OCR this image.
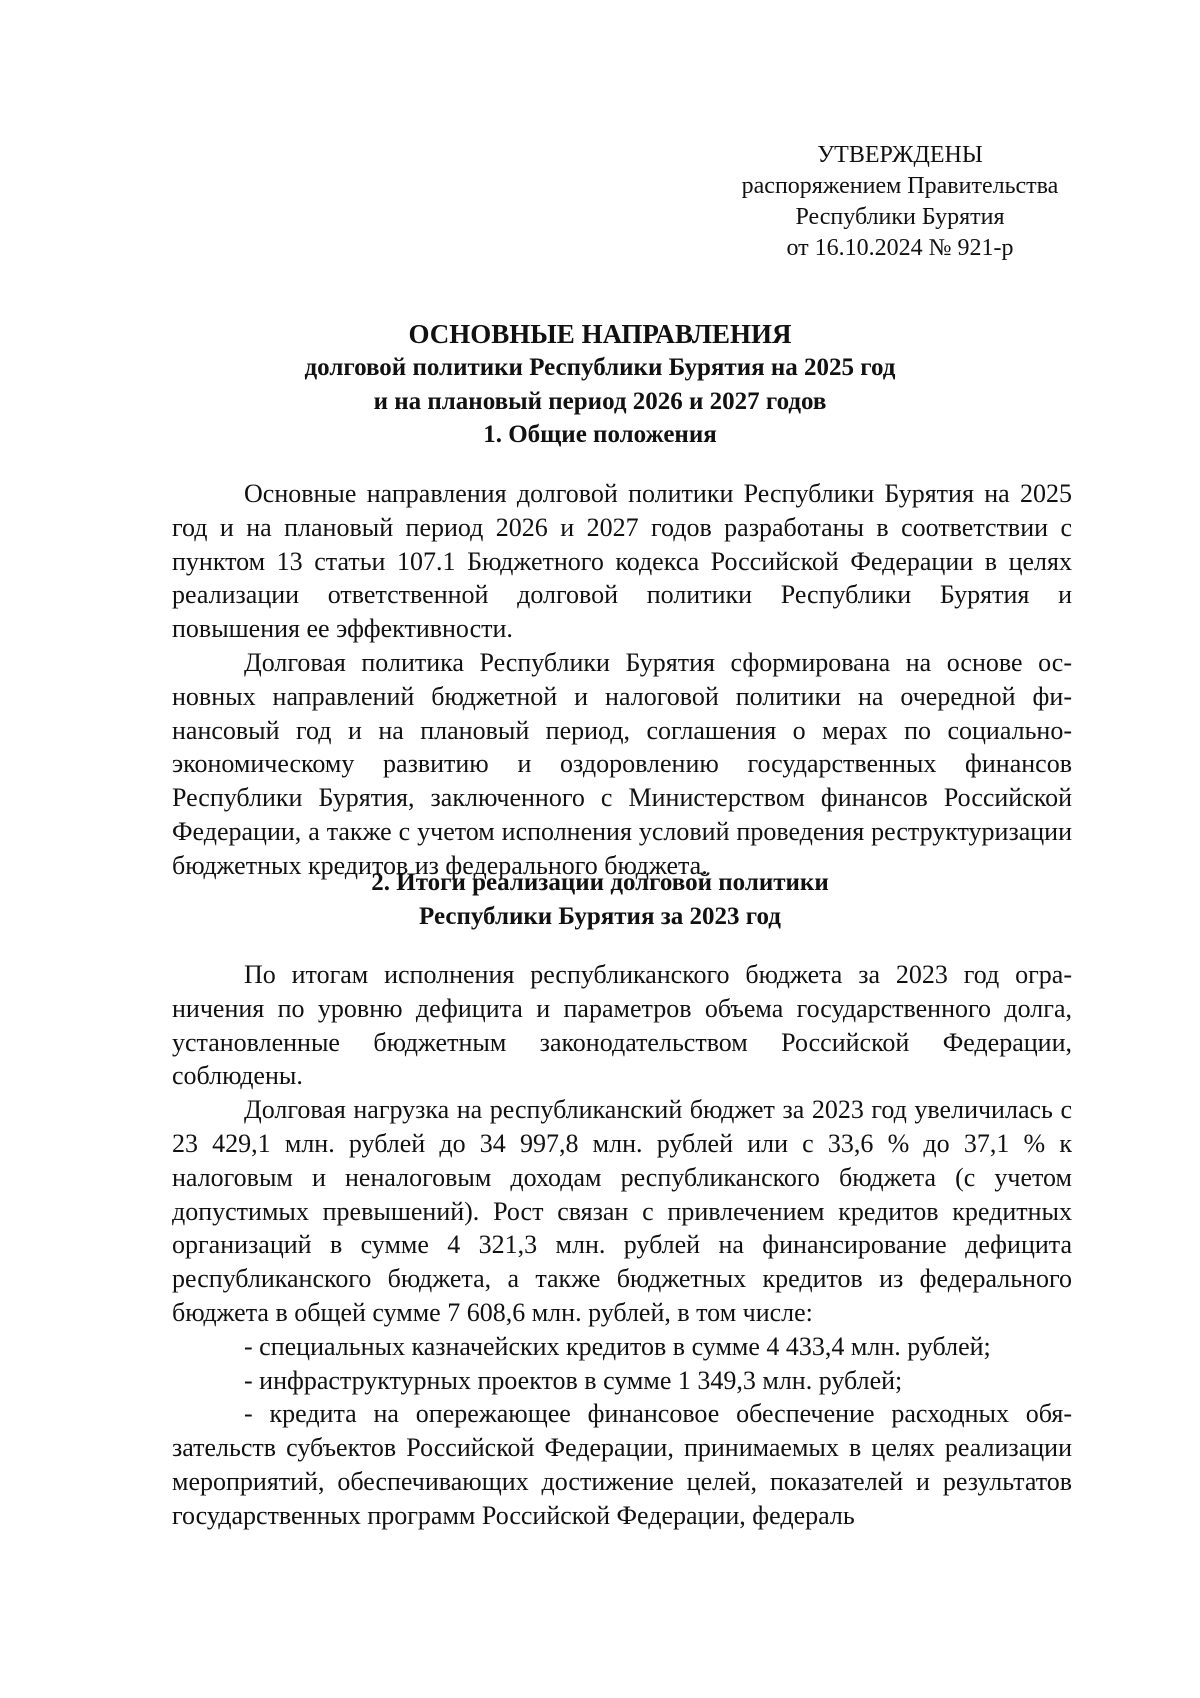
УТВЕРЖДЕНЫ
распоряжением Правительства
Республики Бурятия
от 16.10.2024 № 921-р
ОСНОВНЫЕ НАПРАВЛЕНИЯ
долговой политики Республики Бурятия на 2025 год
и на плановый период 2026 и 2027 годов
1. Общие положения

Основные направления долговой политики Республики Бурятия на 2025 год и на плановый период 2026 и 2027 годов разработаны в соответствии с пунктом 13 статьи 107.1 Бюджетного кодекса Российской Федерации в целях реализации ответственной долговой политики Республики Бурятия и повышения ее эффективности.

Долговая политика Республики Бурятия сформирована на основе основных направлений бюджетной и налоговой политики на очередной финансовый год и на плановый период, соглашения о мерах по социально-экономическому развитию и оздоровлению государственных финансов Республики Бурятия, заключенного с Министерством финансов Российской Федерации, а также с учетом исполнения условий проведения реструктуризации бюджетных кредитов из федерального бюджета.

2. Итоги реализации долговой политики
Республики Бурятия за 2023 год

По итогам исполнения республиканского бюджета за 2023 год ограничения по уровню дефицита и параметров объема государственного долга, установленные бюджетным законодательством Российской Федерации, соблюдены.

Долговая нагрузка на республиканский бюджет за 2023 год увеличилась с 23 429,1 млн. рублей до 34 997,8 млн. рублей или с 33,6 % до 37,1 % к налоговым и неналоговым доходам республиканского бюджета (с учетом допустимых превышений). Рост связан с привлечением кредитов кредитных организаций в сумме 4 321,3 млн. рублей на финансирование дефицита республиканского бюджета, а также бюджетных кредитов из федерального бюджета в общей сумме 7 608,6 млн. рублей, в том числе:

- специальных казначейских кредитов в сумме 4 433,4 млн. рублей;

- инфраструктурных проектов в сумме 1 349,3 млн. рублей;

- кредита на опережающее финансовое обеспечение расходных обязательств субъектов Российской Федерации, принимаемых в целях реализации мероприятий, обеспечивающих достижение целей, показателей и результатов государственных программ Российской Федерации, федераль
